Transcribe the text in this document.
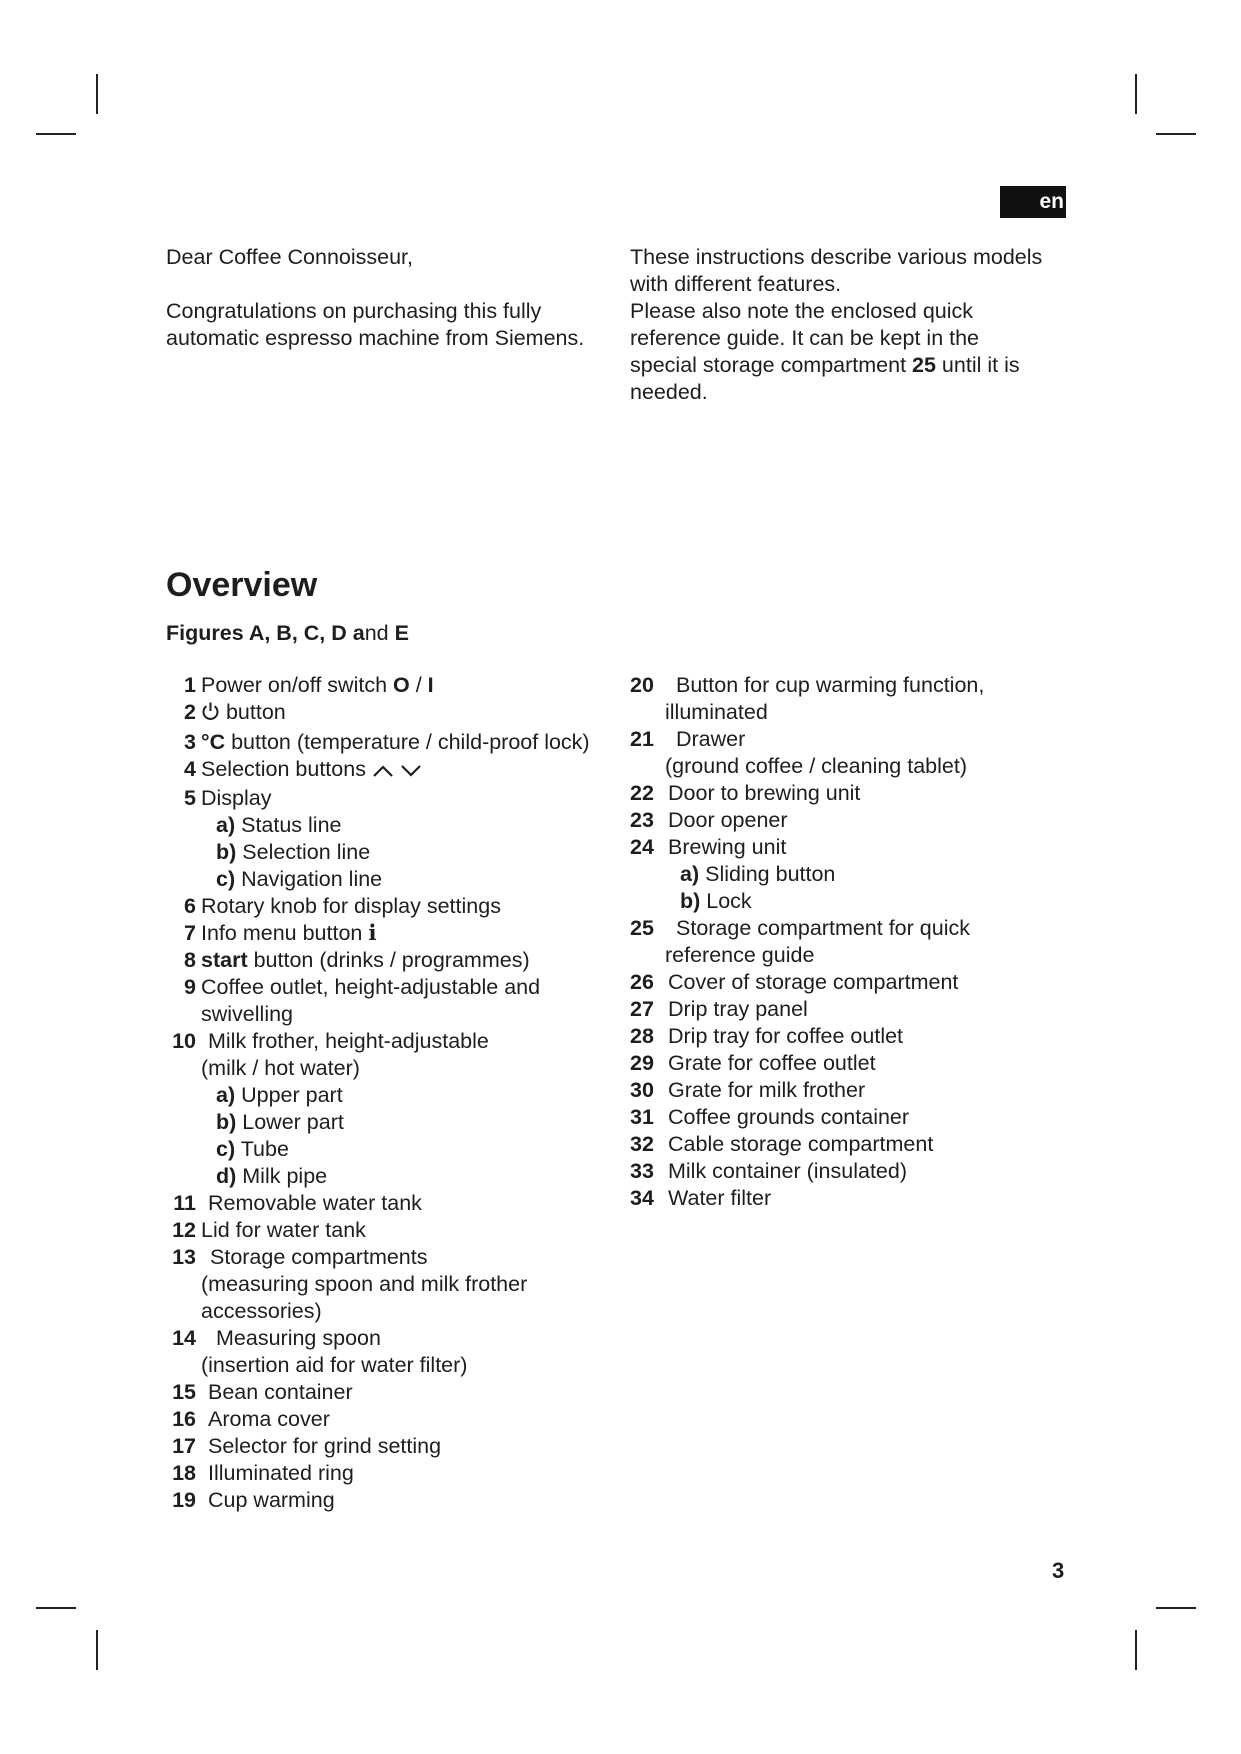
en

Dear Coffee Connoisseur,

Congratulations on purchasing this fully

automatic espresso machine from Siemens.

These instructions describe various models

with different features.

Please also note the enclosed quick

reference guide. It can be kept in the

special storage compartment 25 until it is

needed.

Overview

Figures A, B, C, D and E

1 Power on/off switch O / I
2 button
3 °C button (temperature / child-proof lock)
4 Selection buttons
5 Display
a) Status line
b) Selection line
c) Navigation line
6 Rotary knob for display settings
7 Info menu button i
8 start button (drinks / programmes)
9 Coffee outlet, height-adjustable and
swivelling
10 Milk frother, height-adjustable
(milk / hot water)
a) Upper part
b) Lower part
c) Tube
d) Milk pipe
11 Removable water tank
12 Lid for water tank
13 Storage compartments
(measuring spoon and milk frother
accessories)
14 Measuring spoon
(insertion aid for water filter)
15 Bean container
16 Aroma cover
17 Selector for grind setting
18 Illuminated ring
19 Cup warming
20 Button for cup warming function,
illuminated
21 Drawer
(ground coffee / cleaning tablet)
22 Door to brewing unit
23 Door opener
24 Brewing unit
a) Sliding button
b) Lock
25 Storage compartment for quick
reference guide
26 Cover of storage compartment
27 Drip tray panel
28 Drip tray for coffee outlet
29 Grate for coffee outlet
30 Grate for milk frother
31 Coffee grounds container
32 Cable storage compartment
33 Milk container (insulated)
34 Water filter
3
